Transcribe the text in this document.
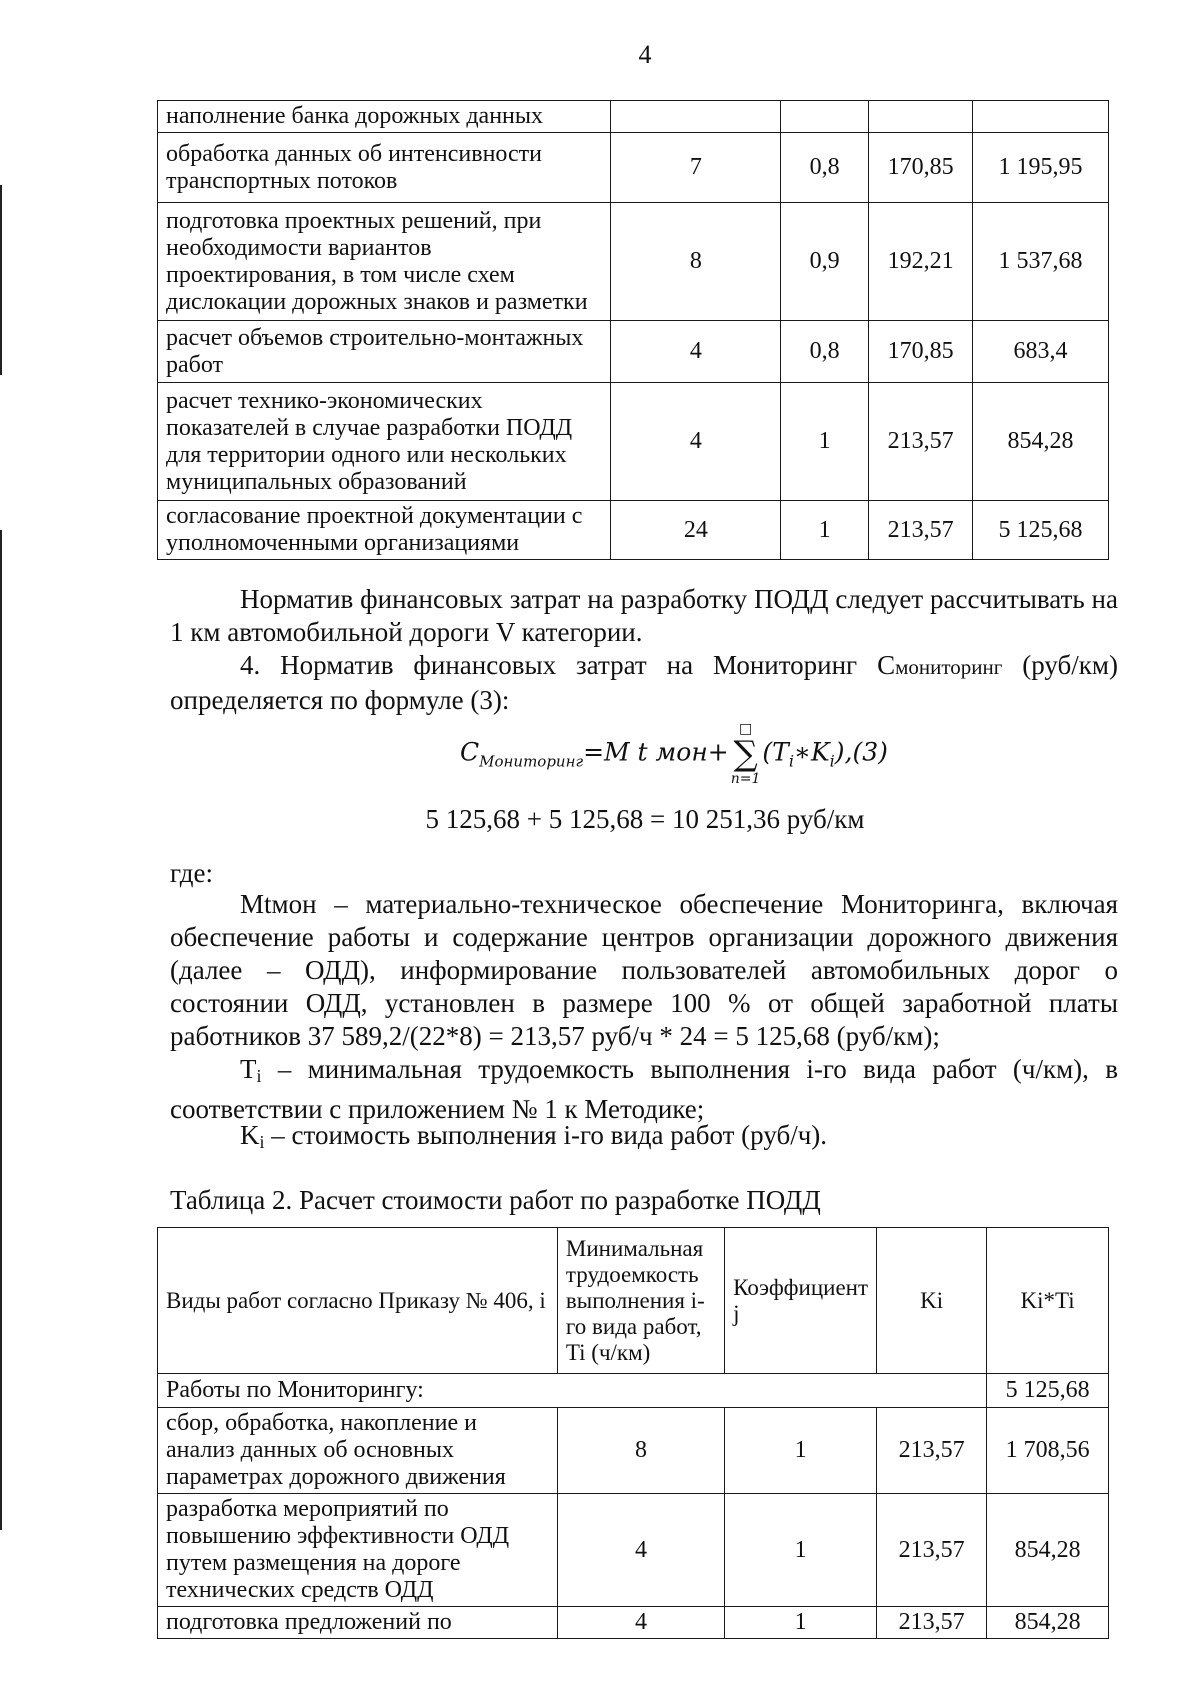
4
наполнение банка дорожных данных				
обработка данных об интенсивности транспортных потоков	7	0,8	170,85	1 195,95
подготовка проектных решений, при необходимости вариантов проектирования, в том числе схем дислокации дорожных знаков и разметки	8	0,9	192,21	1 537,68
расчет объемов строительно-монтажных работ	4	0,8	170,85	683,4
расчет технико-экономических показателей в случае разработки ПОДД для территории одного или нескольких муниципальных образований	4	1	213,57	854,28
согласование проектной документации с уполномоченными организациями	24	1	213,57	5 125,68
Норматив финансовых затрат на разработку ПОДД следует рассчитывать на 1 км автомобильной дороги V категории.
4. Норматив финансовых затрат на Мониторинг Смониторинг (руб/км) определяется по формуле (3):
$C_{Мониторинг}=M$ t мон+
□
∑
n=1
$(T_i∗K_i),(3)$
5 125,68 + 5 125,68 = 10 251,36 руб/км
где:
Mtмон – материально-техническое обеспечение Мониторинга, включая обеспечение работы и содержание центров организации дорожного движения (далее – ОДД), информирование пользователей автомобильных дорог о состоянии ОДД, установлен в размере 100 % от общей заработной платы работников 37 589,2/(22*8) = 213,57 руб/ч * 24 = 5 125,68 (руб/км);
Ti – минимальная трудоемкость выполнения i-го вида работ (ч/км), в соответствии с приложением № 1 к Методике;
Ki – стоимость выполнения i-го вида работ (руб/ч).
Таблица 2. Расчет стоимости работ по разработке ПОДД
Виды работ согласно Приказу № 406, i	Минимальная трудоемкость выполнения i-го вида работ, Ti (ч/км)	Коэффициент j	Ki	Ki*Ti
Работы по Мониторингу:				5 125,68
сбор, обработка, накопление и анализ данных об основных параметрах дорожного движения	8	1	213,57	1 708,56
разработка мероприятий по повышению эффективности ОДД путем размещения на дороге технических средств ОДД	4	1	213,57	854,28
подготовка предложений по	4	1	213,57	854,28
